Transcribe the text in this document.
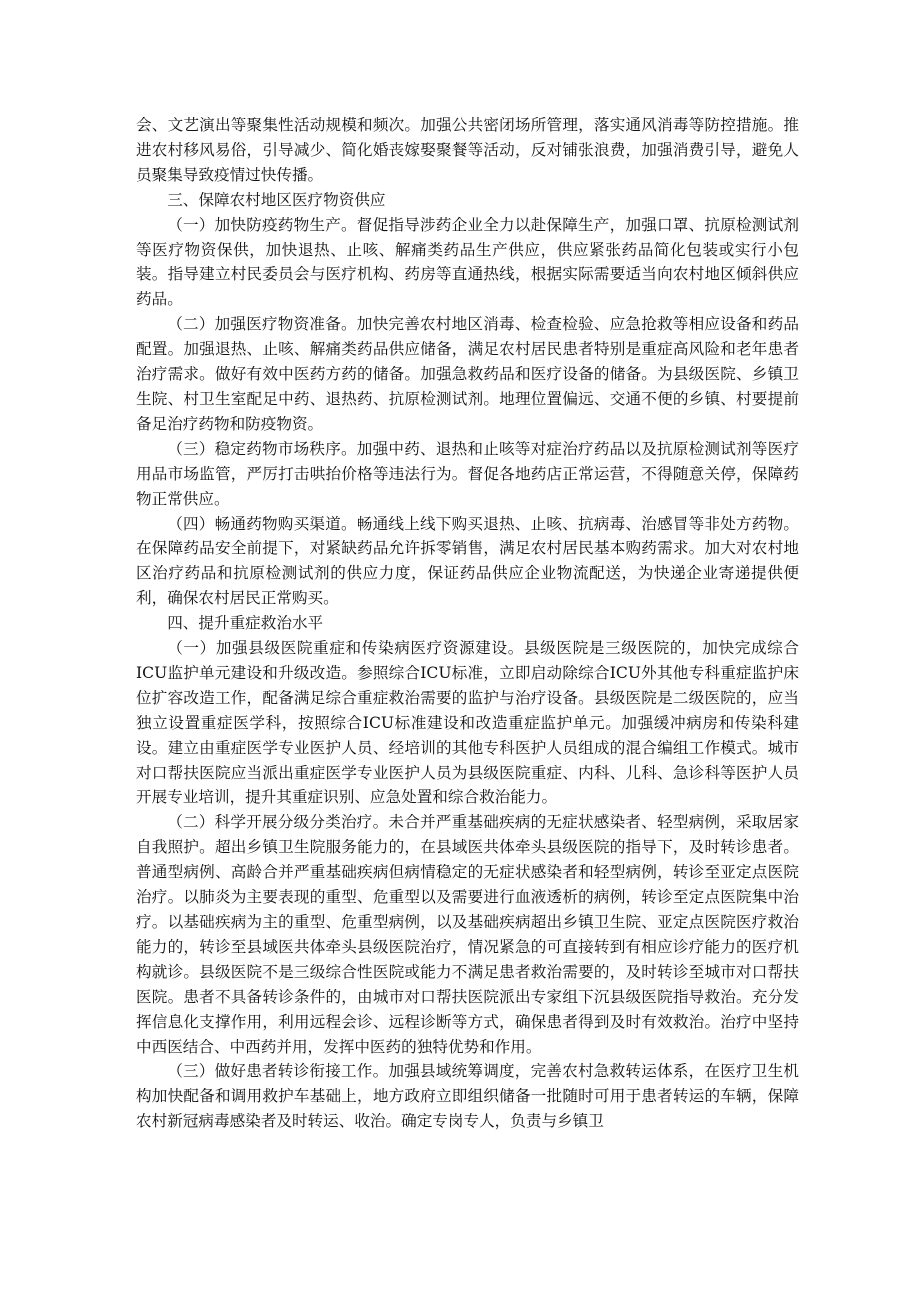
会、文艺演出等聚集性活动规模和频次。加强公共密闭场所管理，落实通风消毒等防控措施。推进农村移风易俗，引导减少、简化婚丧嫁娶聚餐等活动，反对铺张浪费，加强消费引导，避免人员聚集导致疫情过快传播。

三、保障农村地区医疗物资供应

（一）加快防疫药物生产。督促指导涉药企业全力以赴保障生产，加强口罩、抗原检测试剂等医疗物资保供，加快退热、止咳、解痛类药品生产供应，供应紧张药品简化包装或实行小包装。指导建立村民委员会与医疗机构、药房等直通热线，根据实际需要适当向农村地区倾斜供应药品。

（二）加强医疗物资准备。加快完善农村地区消毒、检查检验、应急抢救等相应设备和药品配置。加强退热、止咳、解痛类药品供应储备，满足农村居民患者特别是重症高风险和老年患者治疗需求。做好有效中医药方药的储备。加强急救药品和医疗设备的储备。为县级医院、乡镇卫生院、村卫生室配足中药、退热药、抗原检测试剂。地理位置偏远、交通不便的乡镇、村要提前备足治疗药物和防疫物资。

（三）稳定药物市场秩序。加强中药、退热和止咳等对症治疗药品以及抗原检测试剂等医疗用品市场监管，严厉打击哄抬价格等违法行为。督促各地药店正常运营，不得随意关停，保障药物正常供应。

（四）畅通药物购买渠道。畅通线上线下购买退热、止咳、抗病毒、治感冒等非处方药物。在保障药品安全前提下，对紧缺药品允许拆零销售，满足农村居民基本购药需求。加大对农村地区治疗药品和抗原检测试剂的供应力度，保证药品供应企业物流配送，为快递企业寄递提供便利，确保农村居民正常购买。

四、提升重症救治水平

（一）加强县级医院重症和传染病医疗资源建设。县级医院是三级医院的，加快完成综合ICU监护单元建设和升级改造。参照综合ICU标准，立即启动除综合ICU外其他专科重症监护床位扩容改造工作，配备满足综合重症救治需要的监护与治疗设备。县级医院是二级医院的，应当独立设置重症医学科，按照综合ICU标准建设和改造重症监护单元。加强缓冲病房和传染科建设。建立由重症医学专业医护人员、经培训的其他专科医护人员组成的混合编组工作模式。城市对口帮扶医院应当派出重症医学专业医护人员为县级医院重症、内科、儿科、急诊科等医护人员开展专业培训，提升其重症识别、应急处置和综合救治能力。

（二）科学开展分级分类治疗。未合并严重基础疾病的无症状感染者、轻型病例，采取居家自我照护。超出乡镇卫生院服务能力的，在县域医共体牵头县级医院的指导下，及时转诊患者。普通型病例、高龄合并严重基础疾病但病情稳定的无症状感染者和轻型病例，转诊至亚定点医院治疗。以肺炎为主要表现的重型、危重型以及需要进行血液透析的病例，转诊至定点医院集中治疗。以基础疾病为主的重型、危重型病例，以及基础疾病超出乡镇卫生院、亚定点医院医疗救治能力的，转诊至县域医共体牵头县级医院治疗，情况紧急的可直接转到有相应诊疗能力的医疗机构就诊。县级医院不是三级综合性医院或能力不满足患者救治需要的，及时转诊至城市对口帮扶医院。患者不具备转诊条件的，由城市对口帮扶医院派出专家组下沉县级医院指导救治。充分发挥信息化支撑作用，利用远程会诊、远程诊断等方式，确保患者得到及时有效救治。治疗中坚持中西医结合、中西药并用，发挥中医药的独特优势和作用。

（三）做好患者转诊衔接工作。加强县域统筹调度，完善农村急救转运体系，在医疗卫生机构加快配备和调用救护车基础上，地方政府立即组织储备一批随时可用于患者转运的车辆，保障农村新冠病毒感染者及时转运、收治。确定专岗专人，负责与乡镇卫
